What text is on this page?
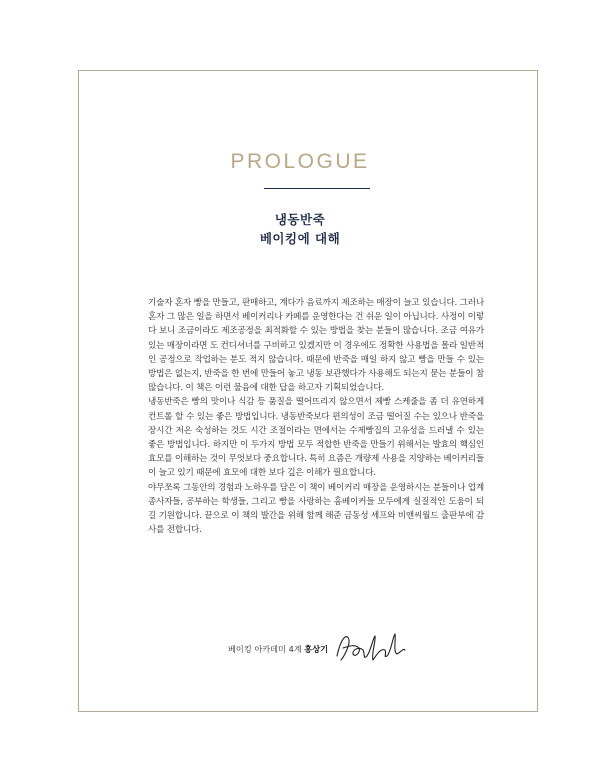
PROLOGUE
냉동반죽
베이킹에 대해

기술자 혼자 빵을 만들고, 판매하고, 계다가 음료까지 제조하는 매장이 늘고 있습니다. 그러나 혼자 그 많은 일을 하면서 베이커리나 카페를 운영한다는 건 쉬운 일이 아닙니다. 사정이 이렇다 보니 조금이라도 제조공정을 최적화할 수 있는 방법을 찾는 분들이 많습니다. 조금 여유가 있는 매장이라면 도 컨디셔너를 구비하고 있겠지만 이 경우에도 정확한 사용법을 몰라 일반적인 공정으로 작업하는 분도 적지 않습니다. 때문에 반죽을 매일 하지 않고 빵을 만들 수 있는 방법은 없는지, 반죽을 한 번에 만들어 놓고 냉동 보관했다가 사용해도 되는지 묻는 분들이 참 많습니다. 이 책은 이런 물음에 대한 답을 하고자 기획되었습니다.

냉동반죽은 빵의 맛이나 식감 등 품질을 떨어뜨리지 않으면서 제빵 스케줄을 좀 더 유연하게 컨트롤 할 수 있는 좋은 방법입니다. 냉동반죽보다 편의성이 조금 떨어질 수는 있으나 반죽을 장시간 저온 숙성하는 것도 시간 조절이라는 면에서는 수제빵집의 고유성을 드러낼 수 있는 좋은 방법입니다. 하지만 이 두가지 방법 모두 적합한 반죽을 만들기 위해서는 발효의 핵심인 효모를 이해하는 것이 무엇보다 중요합니다. 특히 요즘은 개량제 사용을 지양하는 베이커리들이 늘고 있기 때문에 효모에 대한 보다 깊은 이해가 필요합니다.

야무쪼록 그동안의 경험과 노하우를 담은 이 책이 베이커리 매장을 운영하시는 분들이나 업계 종사자들, 공부하는 학생들, 그리고 빵을 사랑하는 홈베이커들 모두에게 실질적인 도움이 되길 기원합니다. 끝으로 이 책의 발간을 위해 함께 해준 금동성 셰프와 비앤씨월드 출판부에 감사를 전합니다.

베이킹 아카데미 4계 홍상기
